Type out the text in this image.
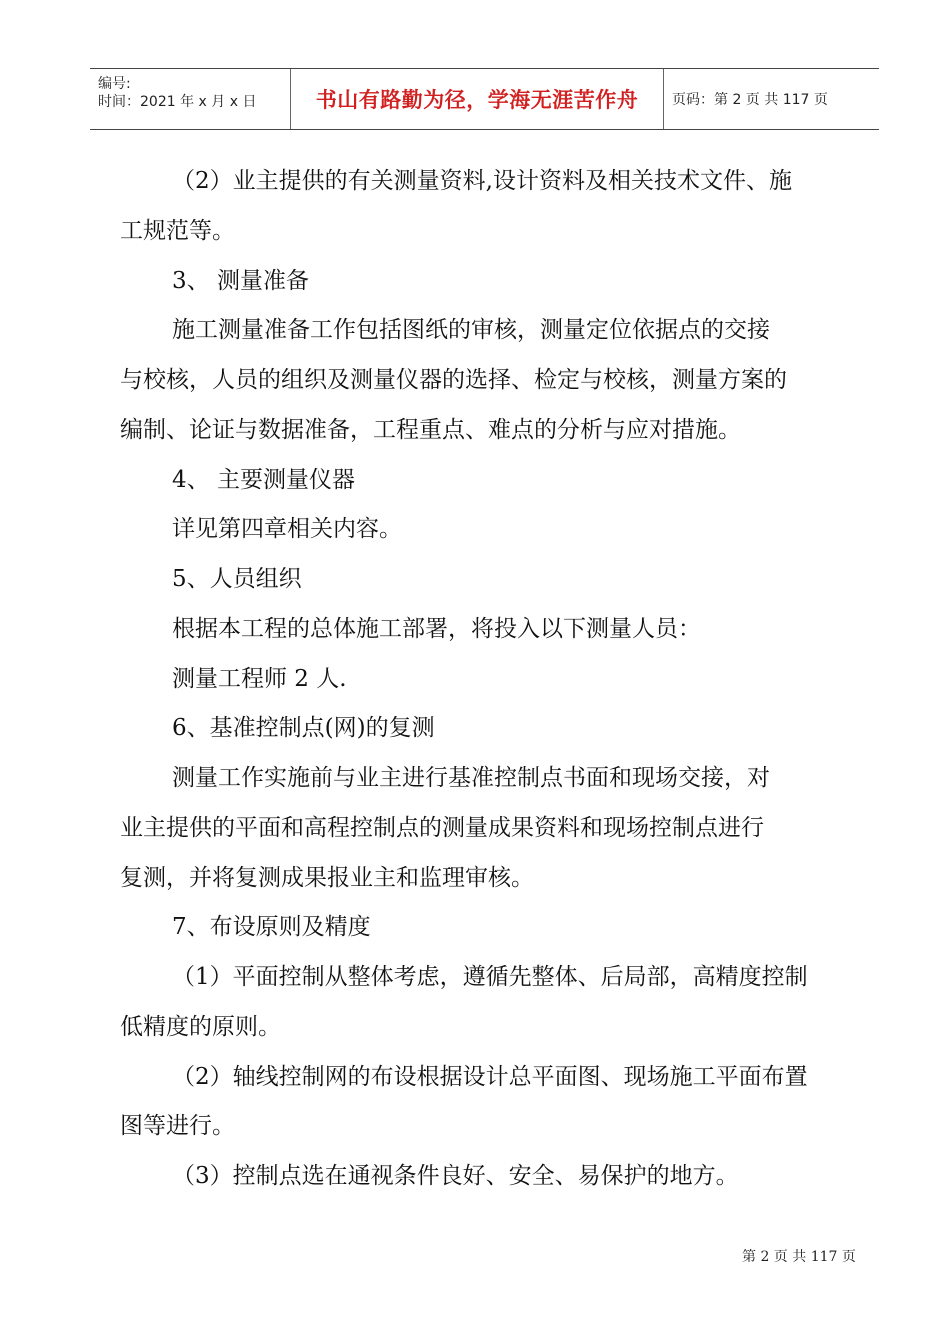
编号:
时间：2021 年 x 月 x 日	书山有路勤为径，学海无涯苦作舟 页码：第 2 页 共 117 页
（2）业主提供的有关测量资料,设计资料及相关技术文件、施
工规范等。
3、 测量准备
施工测量准备工作包括图纸的审核，测量定位依据点的交接
与校核，人员的组织及测量仪器的选择、检定与校核，测量方案的
编制、论证与数据准备，工程重点、难点的分析与应对措施。
4、 主要测量仪器
详见第四章相关内容。
5、人员组织
根据本工程的总体施工部署，将投入以下测量人员：
测量工程师 2 人.
6、基准控制点(网)的复测
测量工作实施前与业主进行基准控制点书面和现场交接，对
业主提供的平面和高程控制点的测量成果资料和现场控制点进行
复测，并将复测成果报业主和监理审核。
7、布设原则及精度
（1）平面控制从整体考虑，遵循先整体、后局部，高精度控制
低精度的原则。
（2）轴线控制网的布设根据设计总平面图、现场施工平面布置
图等进行。
（3）控制点选在通视条件良好、安全、易保护的地方。
第 2 页 共 117 页
